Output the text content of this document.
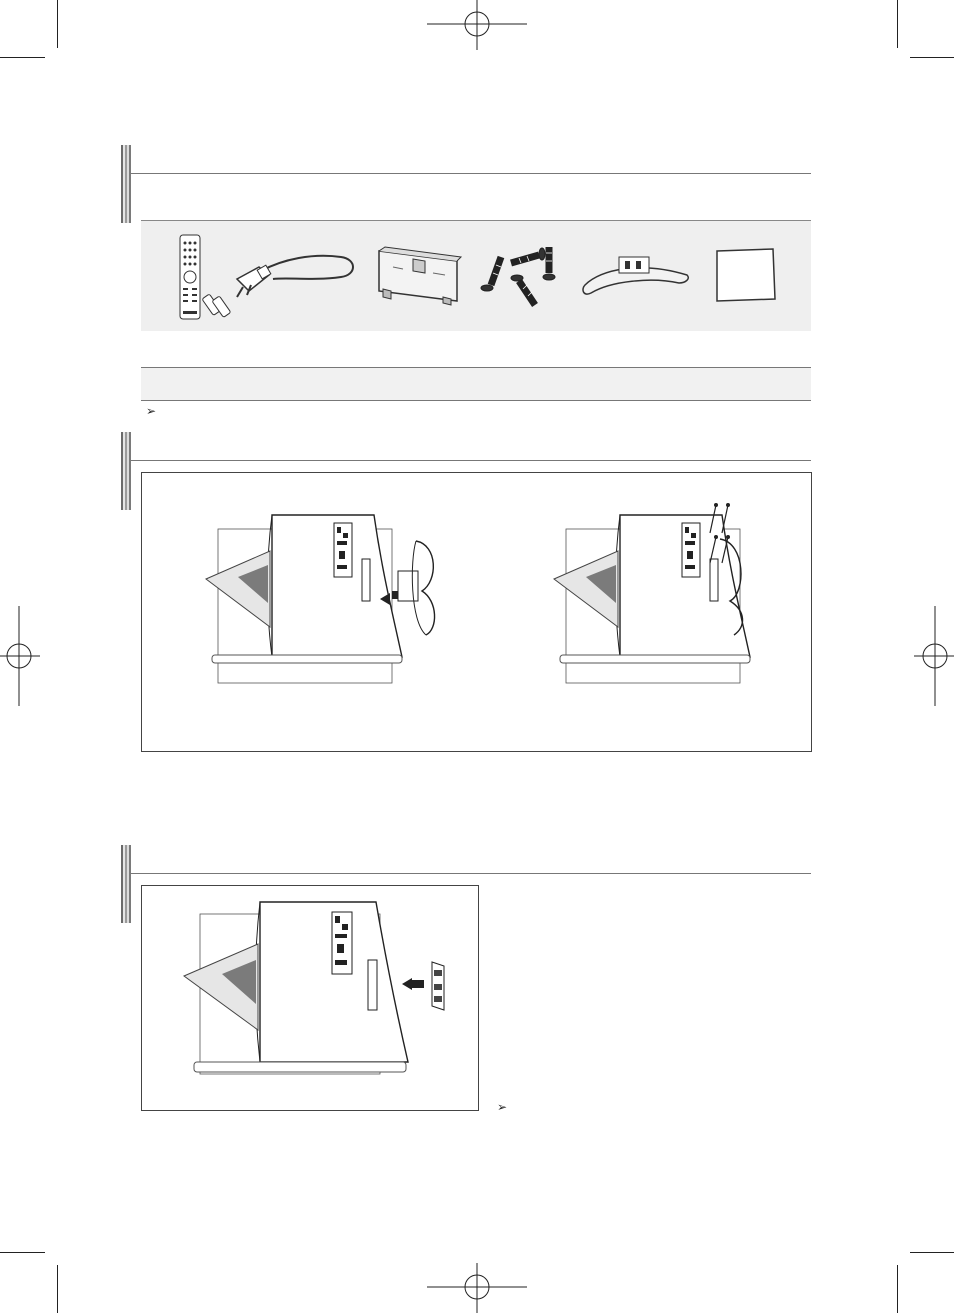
➢
➢
